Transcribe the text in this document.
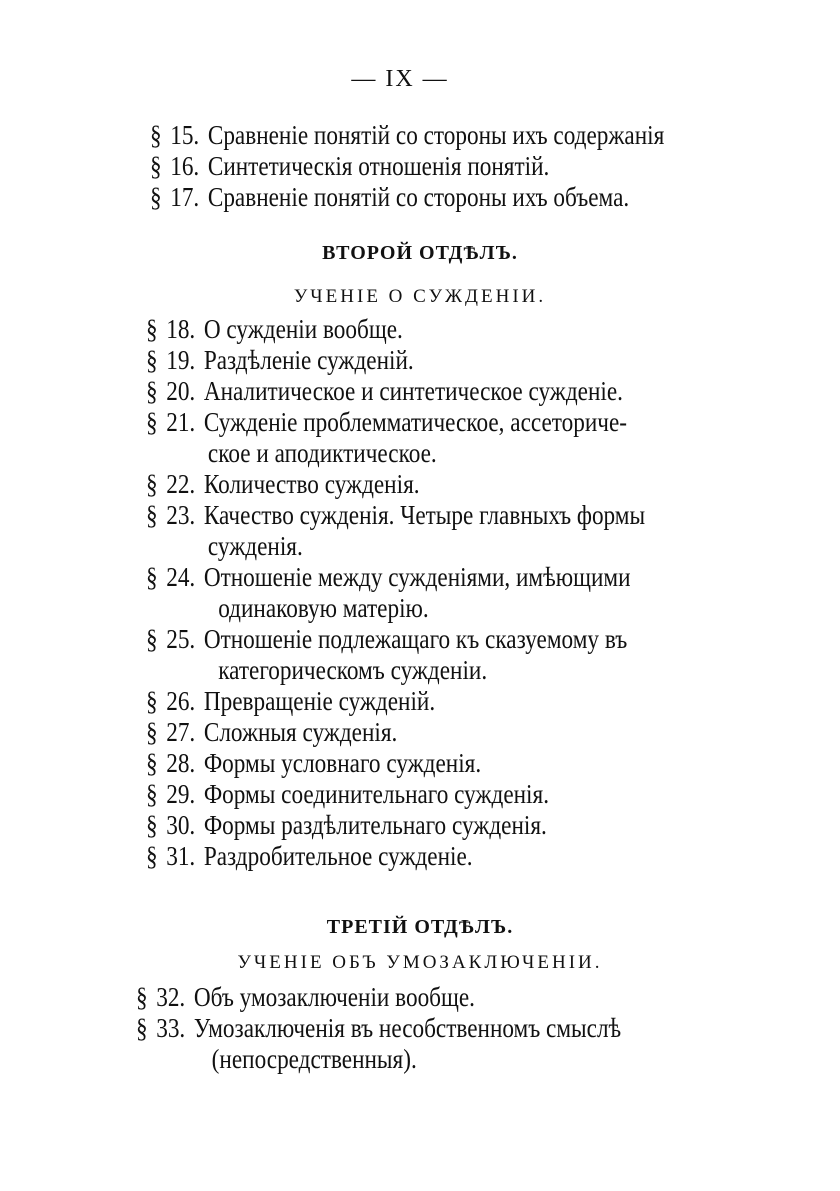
— IX —
§ 15. Сравненіе понятій со стороны ихъ содержанія
§ 16. Синтетическія отношенія понятій.
§ 17. Сравненіе понятій со стороны ихъ объема.
ВТОРОЙ ОТДѢЛЪ.
УЧЕНІЕ О СУЖДЕНІИ.
§ 18. О сужденіи вообще.
§ 19. Раздѣленіе сужденій.
§ 20. Аналитическое и синтетическое сужденіе.
§ 21. Сужденіе проблемматическое, ассеториче-
ское и аподиктическое.
§ 22. Количество сужденія.
§ 23. Качество сужденія. Четыре главныхъ формы
сужденія.
§ 24. Отношеніе между сужденіями, имѣющими
одинаковую матерію.
§ 25. Отношеніе подлежащаго къ сказуемому въ
категорическомъ сужденіи.
§ 26. Превращеніе сужденій.
§ 27. Сложныя сужденія.
§ 28. Формы условнаго сужденія.
§ 29. Формы соединительнаго сужденія.
§ 30. Формы раздѣлительнаго сужденія.
§ 31. Раздробительное сужденіе.
ТРЕТІЙ ОТДѢЛЪ.
УЧЕНІЕ ОБЪ УМОЗАКЛЮЧЕНІИ.
§ 32. Объ умозаключеніи вообще.
§ 33. Умозаключенія въ несобственномъ смыслѣ
(непосредственныя).
